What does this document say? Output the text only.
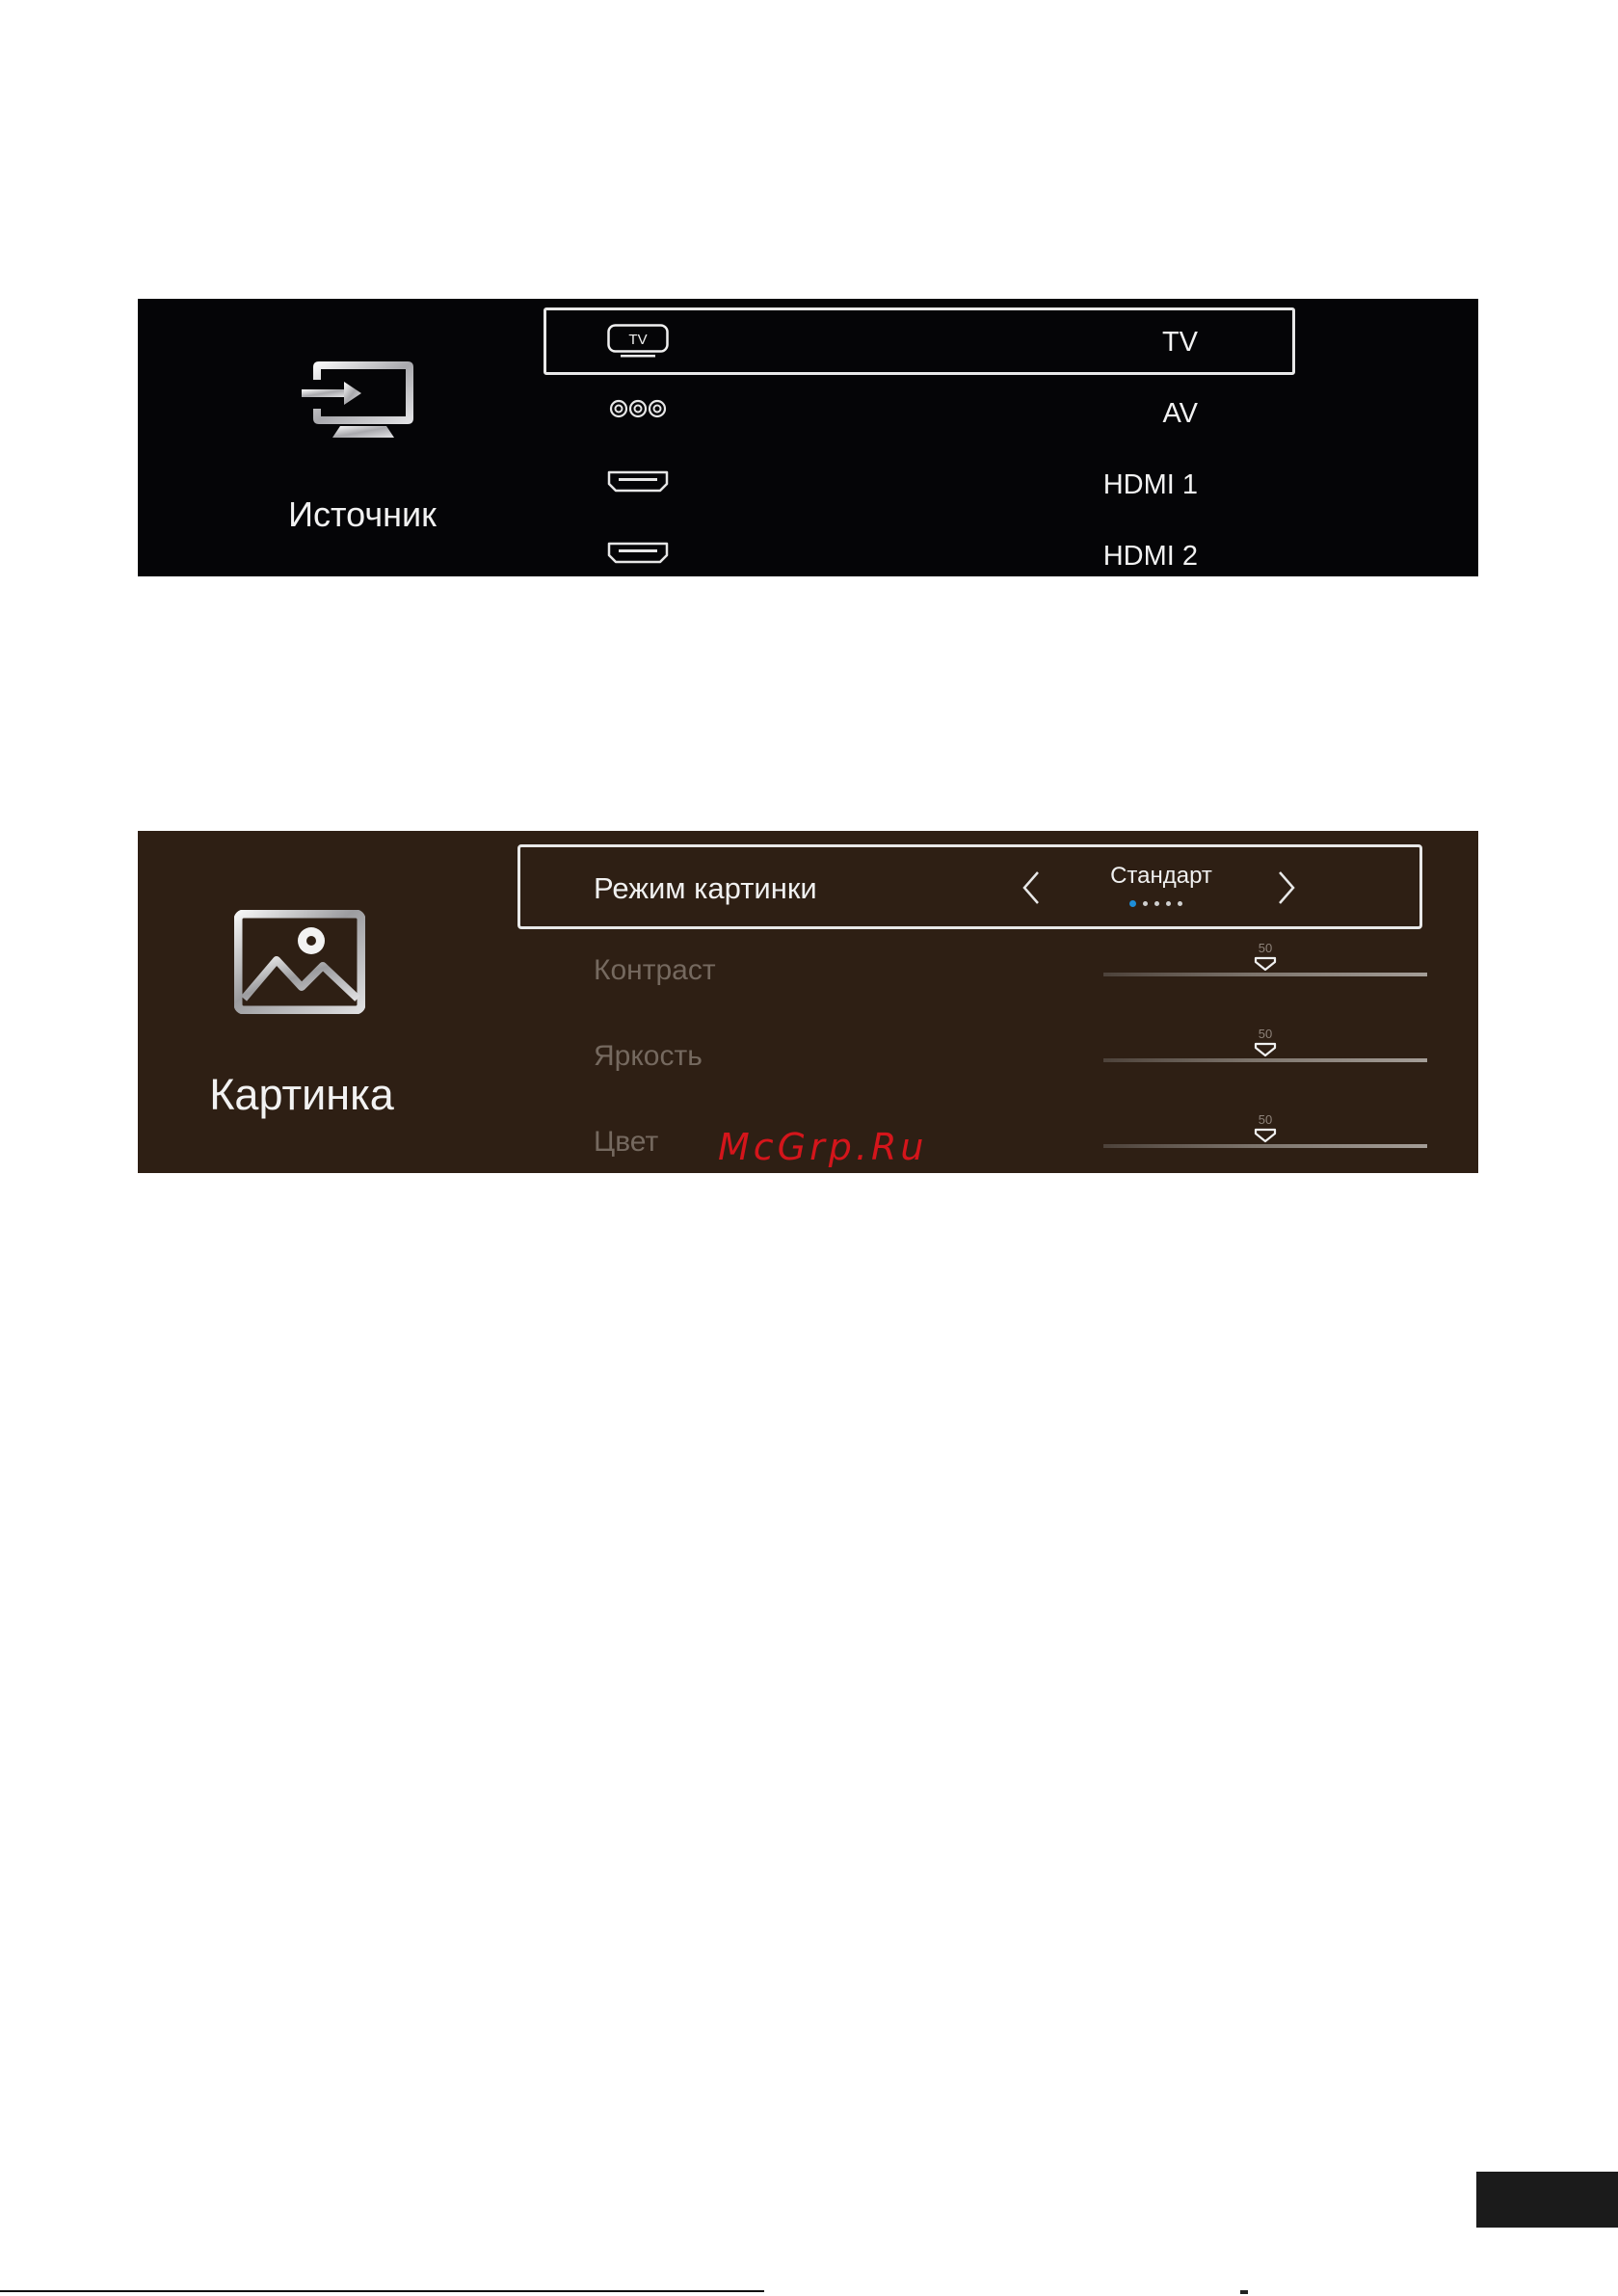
Источник
TV	TV
AV
HDMI 1
HDMI 2
Картинка
Режим картинки	Стандарт
Контраст
50
Яркость
50
Цвет
50
McGrp.Ru
